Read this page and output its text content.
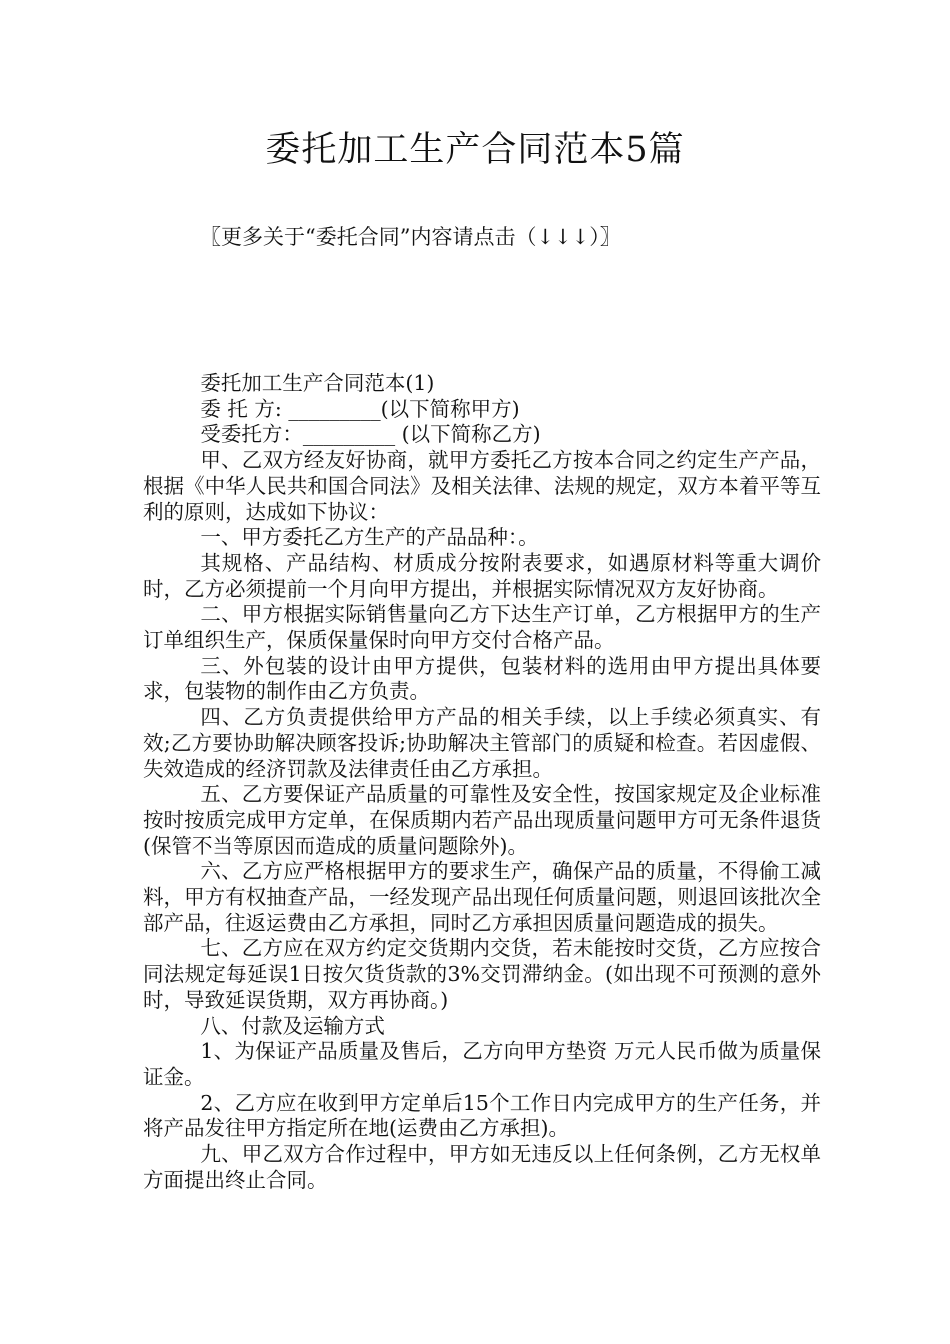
委托加工生产合同范本5篇
〖更多关于“委托合同”内容请点击（↓↓↓）〗

委托加工生产合同范本(1)

委 托 方: _________(以下简称甲方)

受委托方：_________ (以下简称乙方)

甲、乙双方经友好协商，就甲方委托乙方按本合同之约定生产产品，根据《中华人民共和国合同法》及相关法律、法规的规定，双方本着平等互利的原则，达成如下协议：

一、甲方委托乙方生产的产品品种：。

其规格、产品结构、材质成分按附表要求，如遇原材料等重大调价时，乙方必须提前一个月向甲方提出，并根据实际情况双方友好协商。

二、甲方根据实际销售量向乙方下达生产订单，乙方根据甲方的生产订单组织生产，保质保量保时向甲方交付合格产品。

三、外包装的设计由甲方提供，包装材料的选用由甲方提出具体要求，包装物的制作由乙方负责。

四、乙方负责提供给甲方产品的相关手续，以上手续必须真实、有效;乙方要协助解决顾客投诉;协助解决主管部门的质疑和检查。若因虚假、失效造成的经济罚款及法律责任由乙方承担。

五、乙方要保证产品质量的可靠性及安全性，按国家规定及企业标准按时按质完成甲方定单，在保质期内若产品出现质量问题甲方可无条件退货(保管不当等原因而造成的质量问题除外)。

六、乙方应严格根据甲方的要求生产，确保产品的质量，不得偷工减料，甲方有权抽查产品，一经发现产品出现任何质量问题，则退回该批次全部产品，往返运费由乙方承担，同时乙方承担因质量问题造成的损失。

七、乙方应在双方约定交货期内交货，若未能按时交货，乙方应按合同法规定每延误1日按欠货货款的3%交罚滞纳金。(如出现不可预测的意外时，导致延误货期，双方再协商。)

八、付款及运输方式

1、为保证产品质量及售后，乙方向甲方垫资 万元人民币做为质量保证金。

2、乙方应在收到甲方定单后15个工作日内完成甲方的生产任务，并将产品发往甲方指定所在地(运费由乙方承担)。

九、甲乙双方合作过程中，甲方如无违反以上任何条例，乙方无权单方面提出终止合同。
